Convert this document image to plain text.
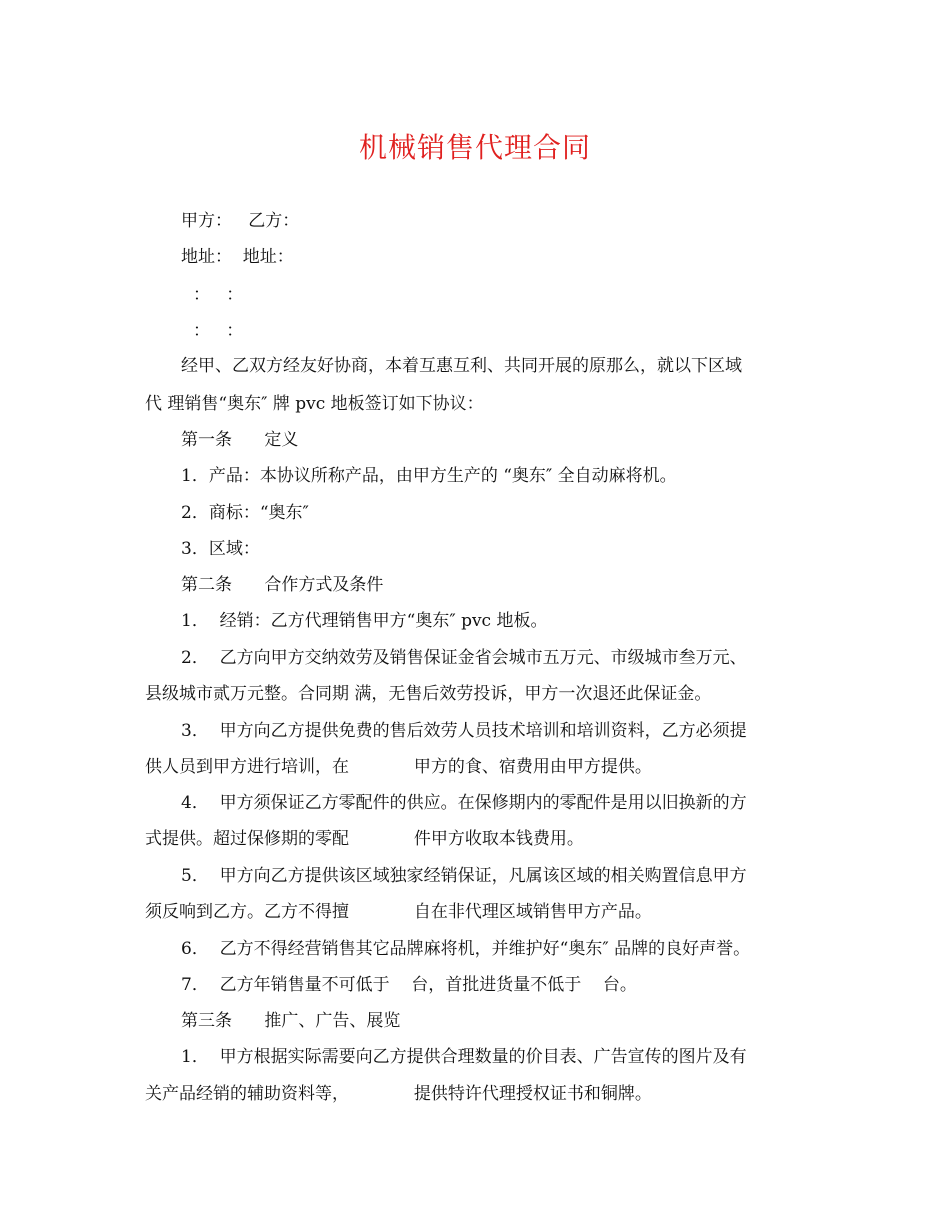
机械销售代理合同
甲方：   乙方：
地址：  地址：
：   ：
：   ：
经甲、乙双方经友好协商，本着互惠互利、共同开展的原那么，就以下区域
代 理销售“奥东″ 牌 pvc 地板签订如下协议：
第一条      定义
1．产品：本协议所称产品，由甲方生产的 “奥东″ 全自动麻将机。
2．商标：“奥东″
3．区域：
第二条      合作方式及条件
1．  经销：乙方代理销售甲方“奥东″ pvc 地板。
2．  乙方向甲方交纳效劳及销售保证金省会城市五万元、市级城市叁万元、
县级城市贰万元整。合同期 满，无售后效劳投诉，甲方一次退还此保证金。
3．  甲方向乙方提供免费的售后效劳人员技术培训和培训资料，乙方必须提
供人员到甲方进行培训，在            甲方的食、宿费用由甲方提供。
4．  甲方须保证乙方零配件的供应。在保修期内的零配件是用以旧换新的方
式提供。超过保修期的零配            件甲方收取本钱费用。
5．  甲方向乙方提供该区域独家经销保证，凡属该区域的相关购置信息甲方
须反响到乙方。乙方不得擅            自在非代理区域销售甲方产品。
6．  乙方不得经营销售其它品牌麻将机，并维护好“奥东″ 品牌的良好声誉。
7．  乙方年销售量不可低于    台，首批进货量不低于    台。
第三条      推广、广告、展览
1．  甲方根据实际需要向乙方提供合理数量的价目表、广告宣传的图片及有
关产品经销的辅助资料等，            提供特许代理授权证书和铜牌。
